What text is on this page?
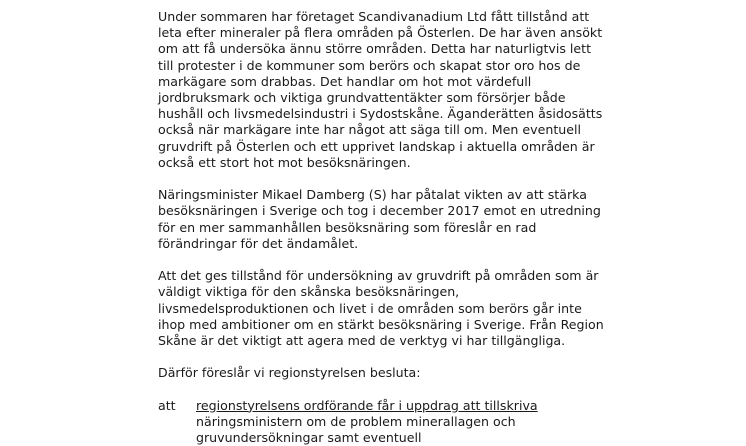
Under sommaren har företaget Scandivanadium Ltd fått tillstånd att leta efter mineraler på flera områden på Österlen. De har även ansökt om att få undersöka ännu större områden. Detta har naturligtvis lett till protester i de kommuner som berörs och skapat stor oro hos de markägare som drabbas. Det handlar om hot mot värdefull jordbruksmark och viktiga grundvattentäkter som försörjer både hushåll och livsmedelsindustri i Sydostskåne. Äganderätten åsidosätts också när markägare inte har något att säga till om. Men eventuell gruvdrift på Österlen och ett upprivet landskap i aktuella områden är också ett stort hot mot besöksnäringen.

Näringsminister Mikael Damberg (S) har påtalat vikten av att stärka besöksnäringen i Sverige och tog i december 2017 emot en utredning för en mer sammanhållen besöksnäring som föreslår en rad förändringar för det ändamålet.

Att det ges tillstånd för undersökning av gruvdrift på områden som är väldigt viktiga för den skånska besöksnäringen, livsmedelsproduktionen och livet i de områden som berörs går inte ihop med ambitioner om en stärkt besöksnäring i Sverige. Från Region Skåne är det viktigt att agera med de verktyg vi har tillgängliga.

Därför föreslår vi regionstyrelsen besluta:

att	regionstyrelsens ordförande får i uppdrag att tillskriva näringsministern om de problem minerallagen och gruvundersökningar samt eventuell
